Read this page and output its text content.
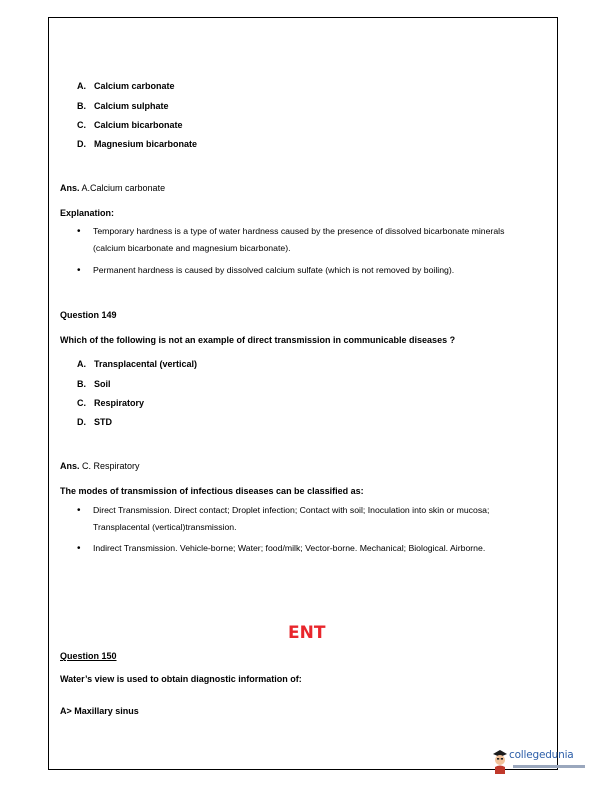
A. Calcium carbonate
B. Calcium sulphate
C. Calcium bicarbonate
D. Magnesium bicarbonate
Ans. A.Calcium carbonate
Explanation:
• Temporary hardness is a type of water hardness caused by the presence of dissolved bicarbonate minerals (calcium bicarbonate and magnesium bicarbonate).
• Permanent hardness is caused by dissolved calcium sulfate (which is not removed by boiling).
Question 149
Which of the following is not an example of direct transmission in communicable diseases ?
A. Transplacental (vertical)
B. Soil
C. Respiratory
D. STD
Ans. C. Respiratory
The modes of transmission of infectious diseases can be classified as:
• Direct Transmission. Direct contact; Droplet infection; Contact with soil; Inoculation into skin or mucosa; Transplacental (vertical)transmission.
• Indirect Transmission. Vehicle-borne; Water; food/milk; Vector-borne. Mechanical; Biological. Airborne.
ENT
Question 150
Water’s view is used to obtain diagnostic information of:
A> Maxillary sinus
collegedunia
